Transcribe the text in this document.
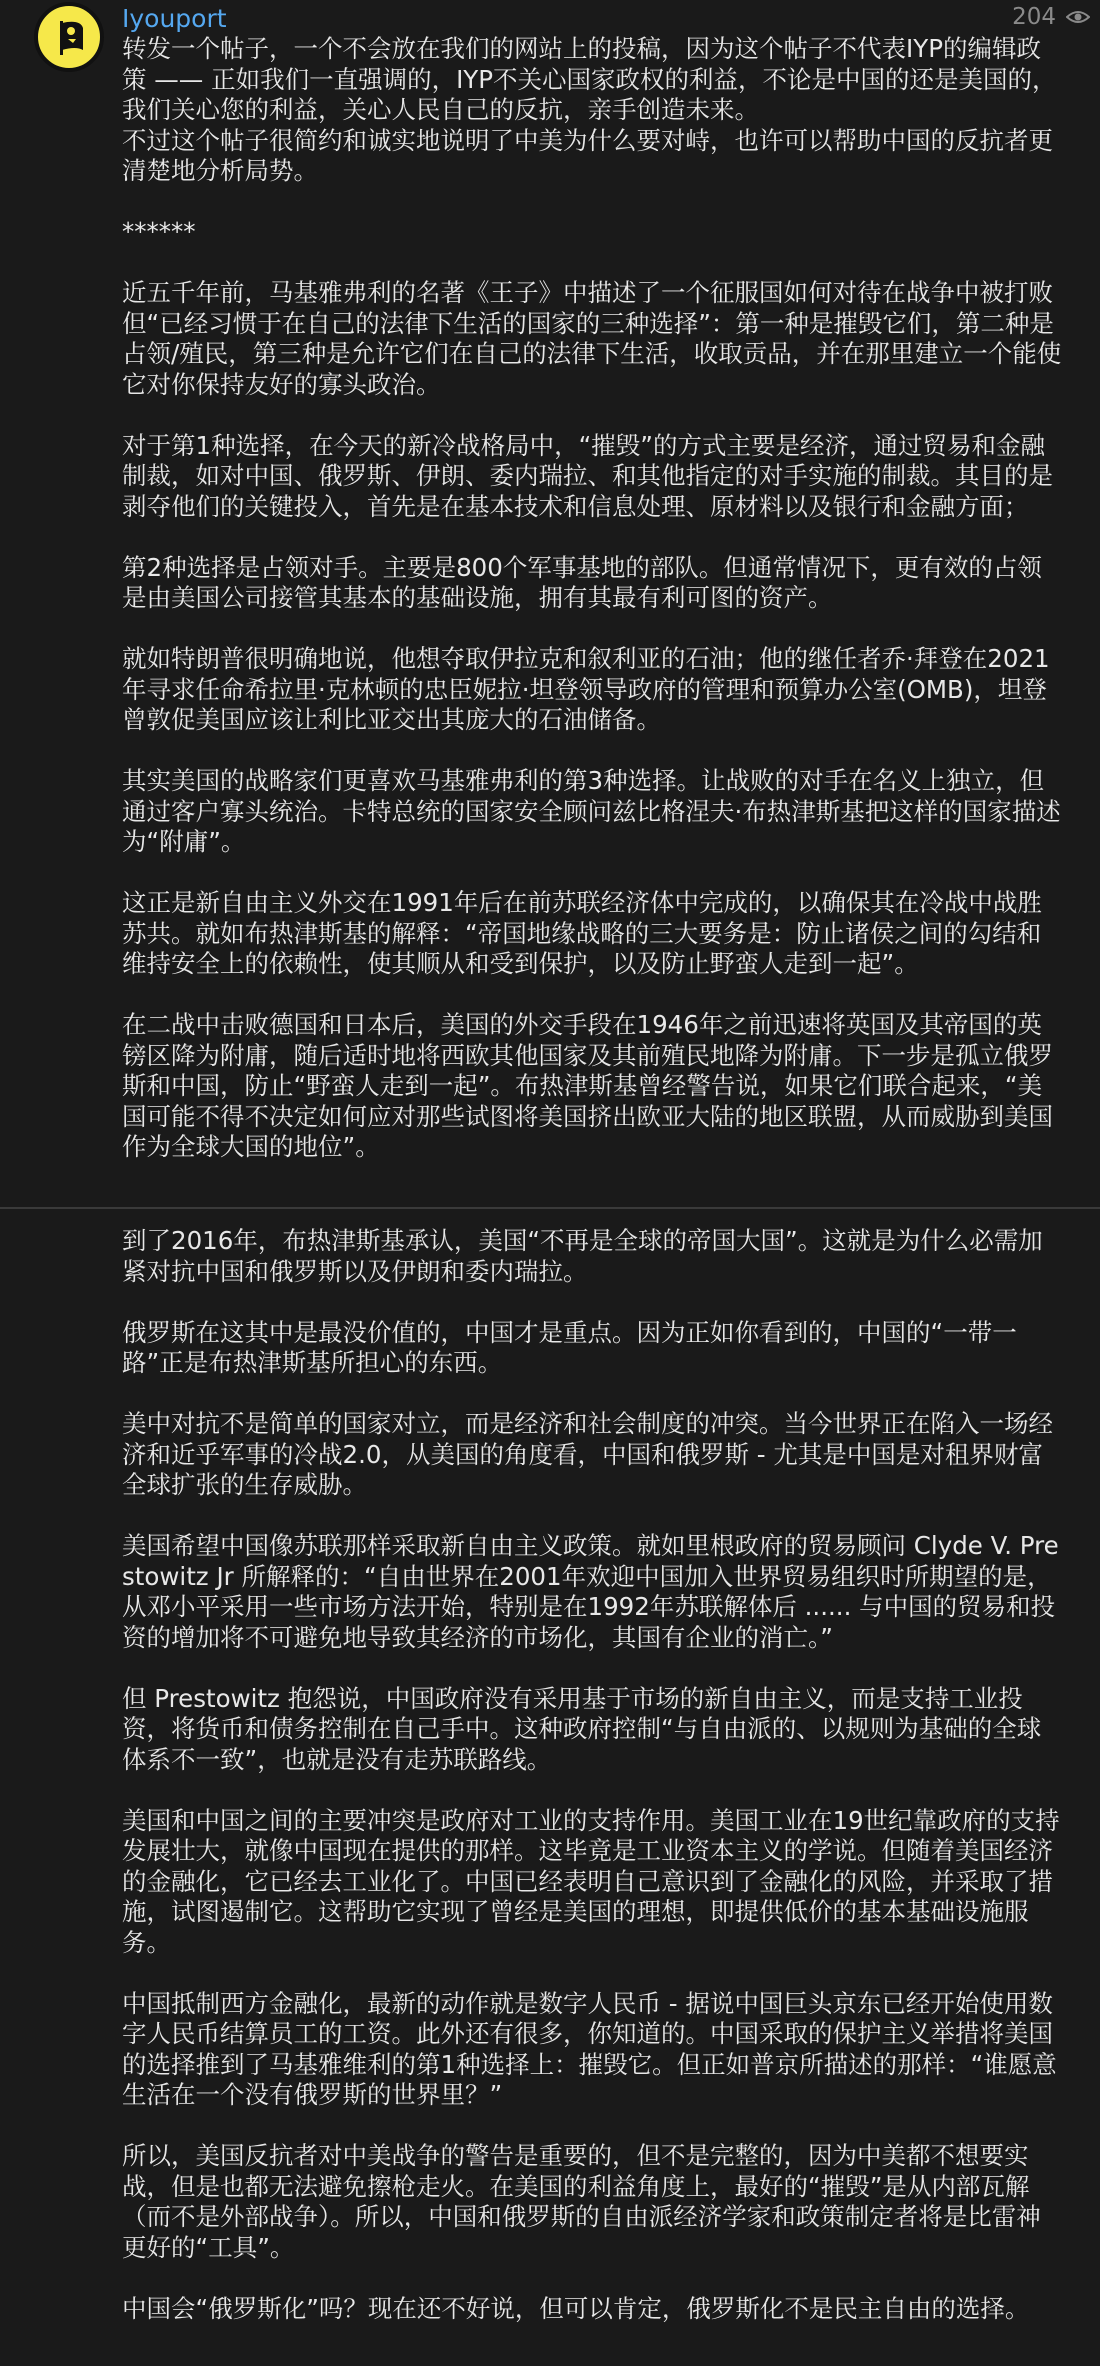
Iyouport	204

转发一个帖子，一个不会放在我们的网站上的投稿，因为这个帖子不代表IYP的编辑政策 —— 正如我们一直强调的，IYP不关心国家政权的利益，不论是中国的还是美国的，我们关心您的利益，关心人民自己的反抗，亲手创造未来。

不过这个帖子很简约和诚实地说明了中美为什么要对峙，也许可以帮助中国的反抗者更清楚地分析局势。

******

近五千年前，马基雅弗利的名著《王子》中描述了一个征服国如何对待在战争中被打败但“已经习惯于在自己的法律下生活的国家的三种选择”：第一种是摧毁它们，第二种是占领/殖民，第三种是允许它们在自己的法律下生活，收取贡品，并在那里建立一个能使它对你保持友好的寡头政治。

对于第1种选择，在今天的新冷战格局中，“摧毁”的方式主要是经济，通过贸易和金融制裁，如对中国、俄罗斯、伊朗、委内瑞拉、和其他指定的对手实施的制裁。其目的是剥夺他们的关键投入，首先是在基本技术和信息处理、原材料以及银行和金融方面；

第2种选择是占领对手。主要是800个军事基地的部队。但通常情况下，更有效的占领是由美国公司接管其基本的基础设施，拥有其最有利可图的资产。

就如特朗普很明确地说，他想夺取伊拉克和叙利亚的石油；他的继任者乔·拜登在2021年寻求任命希拉里·克林顿的忠臣妮拉·坦登领导政府的管理和预算办公室(OMB)，坦登曾敦促美国应该让利比亚交出其庞大的石油储备。

其实美国的战略家们更喜欢马基雅弗利的第3种选择。让战败的对手在名义上独立，但通过客户寡头统治。卡特总统的国家安全顾问兹比格涅夫·布热津斯基把这样的国家描述为“附庸”。

这正是新自由主义外交在1991年后在前苏联经济体中完成的，以确保其在冷战中战胜苏共。就如布热津斯基的解释：“帝国地缘战略的三大要务是：防止诸侯之间的勾结和维持安全上的依赖性，使其顺从和受到保护，以及防止野蛮人走到一起”。

在二战中击败德国和日本后，美国的外交手段在1946年之前迅速将英国及其帝国的英镑区降为附庸，随后适时地将西欧其他国家及其前殖民地降为附庸。下一步是孤立俄罗斯和中国，防止“野蛮人走到一起”。布热津斯基曾经警告说，如果它们联合起来，“美国可能不得不决定如何应对那些试图将美国挤出欧亚大陆的地区联盟，从而威胁到美国作为全球大国的地位”。

到了2016年，布热津斯基承认，美国“不再是全球的帝国大国”。这就是为什么必需加紧对抗中国和俄罗斯以及伊朗和委内瑞拉。

俄罗斯在这其中是最没价值的，中国才是重点。因为正如你看到的，中国的“一带一路”正是布热津斯基所担心的东西。

美中对抗不是简单的国家对立，而是经济和社会制度的冲突。当今世界正在陷入一场经济和近乎军事的冷战2.0，从美国的角度看，中国和俄罗斯 - 尤其是中国是对租界财富全球扩张的生存威胁。

美国希望中国像苏联那样采取新自由主义政策。就如里根政府的贸易顾问 Clyde V. Prestowitz Jr 所解释的：“自由世界在2001年欢迎中国加入世界贸易组织时所期望的是，从邓小平采用一些市场方法开始，特别是在1992年苏联解体后 ...... 与中国的贸易和投资的增加将不可避免地导致其经济的市场化，其国有企业的消亡。”

但 Prestowitz 抱怨说，中国政府没有采用基于市场的新自由主义，而是支持工业投资，将货币和债务控制在自己手中。这种政府控制“与自由派的、以规则为基础的全球体系不一致”，也就是没有走苏联路线。

美国和中国之间的主要冲突是政府对工业的支持作用。美国工业在19世纪靠政府的支持发展壮大，就像中国现在提供的那样。这毕竟是工业资本主义的学说。但随着美国经济的金融化，它已经去工业化了。中国已经表明自己意识到了金融化的风险，并采取了措施，试图遏制它。这帮助它实现了曾经是美国的理想，即提供低价的基本基础设施服务。

中国抵制西方金融化，最新的动作就是数字人民币 - 据说中国巨头京东已经开始使用数字人民币结算员工的工资。此外还有很多，你知道的。中国采取的保护主义举措将美国的选择推到了马基雅维利的第1种选择上：摧毁它。但正如普京所描述的那样：“谁愿意生活在一个没有俄罗斯的世界里？”

所以，美国反抗者对中美战争的警告是重要的，但不是完整的，因为中美都不想要实战，但是也都无法避免擦枪走火。在美国的利益角度上，最好的“摧毁”是从内部瓦解（而不是外部战争）。所以，中国和俄罗斯的自由派经济学家和政策制定者将是比雷神更好的“工具”。

中国会“俄罗斯化”吗？现在还不好说，但可以肯定，俄罗斯化不是民主自由的选择。
